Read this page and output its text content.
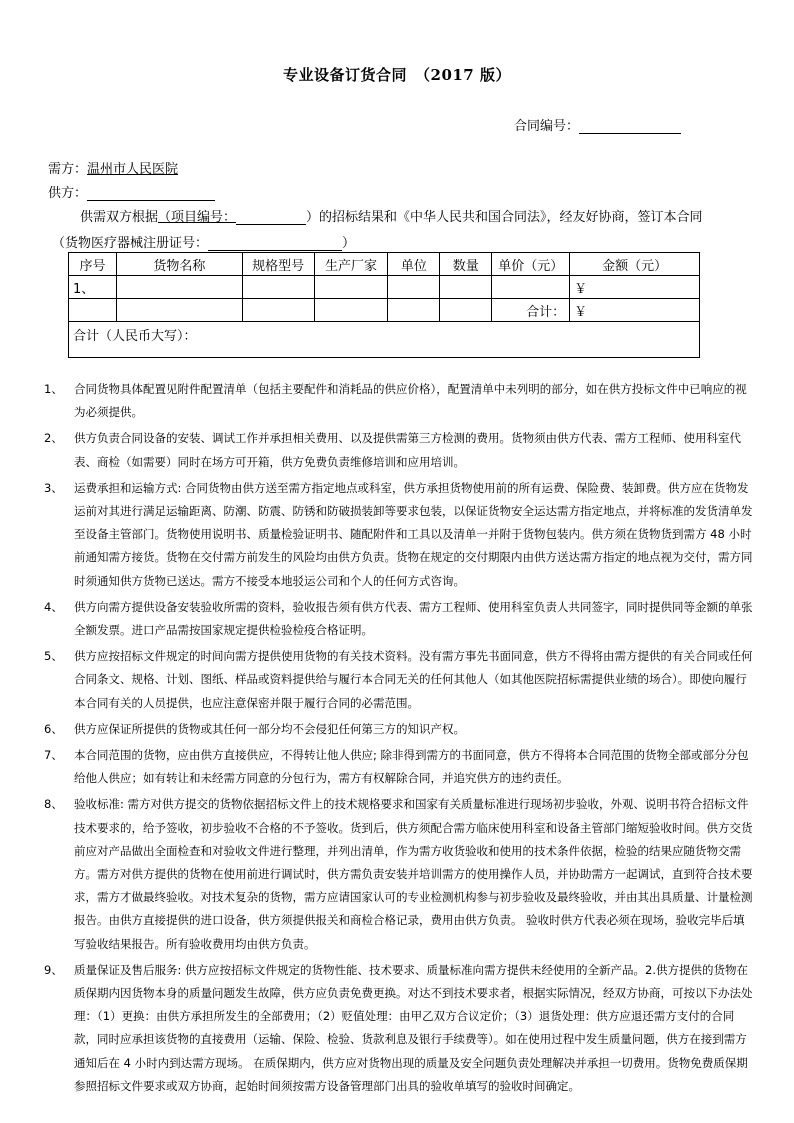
专业设备订货合同　（2017 版）
合同编号：
需方：温州市人民医院
供方：
供需双方根据（项目编号：	）的招标结果和《中华人民共和国合同法》，经友好协商，签订本合同
（货物医疗器械注册证号：	）
序号	货物名称	规格型号	生产厂家	单位	数量	单价（元）	金额（元）
1、							￥
						合计：	￥
合计（人民币大写）：							
1、 合同货物具体配置见附件配置清单（包括主要配件和消耗品的供应价格），配置清单中未列明的部分，如在供方投标文件中已响应的视为必须提供。
2、 供方负责合同设备的安装、调试工作并承担相关费用、以及提供需第三方检测的费用。货物须由供方代表、需方工程师、使用科室代表、商检（如需要）同时在场方可开箱，供方免费负责维修培训和应用培训。
3、 运费承担和运输方式: 合同货物由供方送至需方指定地点或科室，供方承担货物使用前的所有运费、保险费、装卸费。供方应在货物发运前对其进行满足运输距离、防潮、防震、防锈和防破损装卸等要求包装，以保证货物安全运达需方指定地点，并将标准的发货清单发至设备主管部门。货物使用说明书、质量检验证明书、随配附件和工具以及清单一并附于货物包装内。供方须在货物货到需方 48 小时前通知需方接货。货物在交付需方前发生的风险均由供方负责。货物在规定的交付期限内由供方送达需方指定的地点视为交付，需方同时须通知供方货物已送达。需方不接受本地驳运公司和个人的任何方式咨询。
4、 供方向需方提供设备安装验收所需的资料，验收报告须有供方代表、需方工程师、使用科室负责人共同签字，同时提供同等金额的单张全额发票。进口产品需按国家规定提供检验检疫合格证明。
5、 供方应按招标文件规定的时间向需方提供使用货物的有关技术资料。没有需方事先书面同意，供方不得将由需方提供的有关合同或任何合同条文、规格、计划、图纸、样品或资料提供给与履行本合同无关的任何其他人（如其他医院招标需提供业绩的场合）。即使向履行本合同有关的人员提供，也应注意保密并限于履行合同的必需范围。
6、 供方应保证所提供的货物或其任何一部分均不会侵犯任何第三方的知识产权。
7、 本合同范围的货物，应由供方直接供应，不得转让他人供应; 除非得到需方的书面同意，供方不得将本合同范围的货物全部或部分分包给他人供应；如有转让和未经需方同意的分包行为，需方有权解除合同，并追究供方的违约责任。
8、 验收标准: 需方对供方提交的货物依据招标文件上的技术规格要求和国家有关质量标准进行现场初步验收，外观、说明书符合招标文件技术要求的，给予签收，初步验收不合格的不予签收。货到后，供方须配合需方临床使用科室和设备主管部门缩短验收时间。供方交货前应对产品做出全面检查和对验收文件进行整理，并列出清单，作为需方收货验收和使用的技术条件依据，检验的结果应随货物交需方。需方对供方提供的货物在使用前进行调试时，供方需负责安装并培训需方的使用操作人员，并协助需方一起调试，直到符合技术要求，需方才做最终验收。对技术复杂的货物，需方应请国家认可的专业检测机构参与初步验收及最终验收，并由其出具质量、计量检测报告。由供方直接提供的进口设备，供方须提供报关和商检合格记录，费用由供方负责。 验收时供方代表必须在现场，验收完毕后填写验收结果报告。所有验收费用均由供方负责。
9、 质量保证及售后服务: 供方应按招标文件规定的货物性能、技术要求、质量标准向需方提供未经使用的全新产品。2.供方提供的货物在质保期内因货物本身的质量问题发生故障，供方应负责免费更换。对达不到技术要求者，根据实际情况，经双方协商，可按以下办法处理：（1）更换：由供方承担所发生的全部费用；（2）贬值处理：由甲乙双方合议定价；（3）退货处理：供方应退还需方支付的合同款，同时应承担该货物的直接费用（运输、保险、检验、货款利息及银行手续费等）。如在使用过程中发生质量问题，供方在接到需方通知后在 4 小时内到达需方现场。 在质保期内，供方应对货物出现的质量及安全问题负责处理解决并承担一切费用。货物免费质保期参照招标文件要求或双方协商，起始时间须按需方设备管理部门出具的验收单填写的验收时间确定。
